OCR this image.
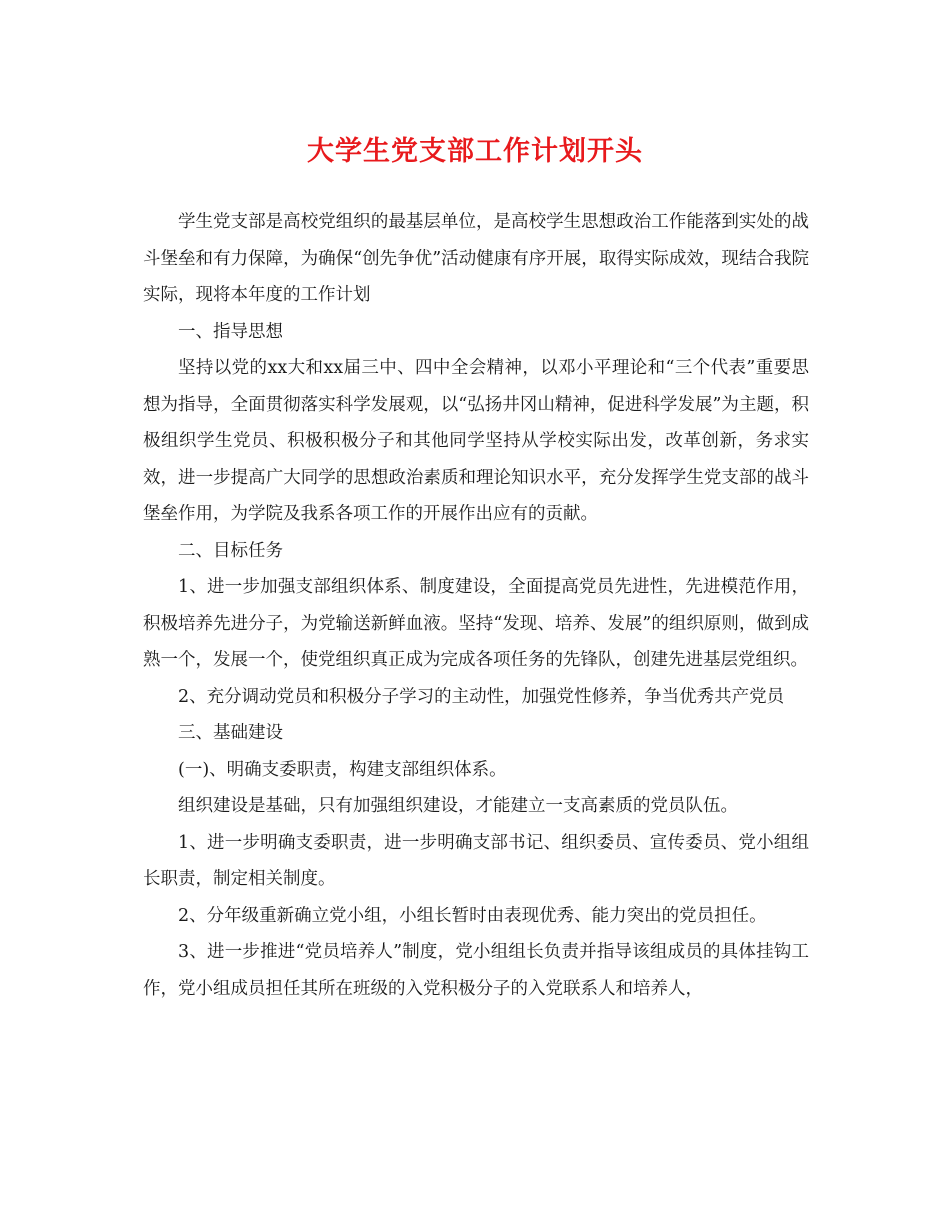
大学生党支部工作计划开头

学生党支部是高校党组织的最基层单位，是高校学生思想政治工作能落到实处的战斗堡垒和有力保障，为确保“创先争优”活动健康有序开展，取得实际成效，现结合我院实际，现将本年度的工作计划

一、指导思想

坚持以党的xx大和xx届三中、四中全会精神，以邓小平理论和“三个代表”重要思想为指导，全面贯彻落实科学发展观，以“弘扬井冈山精神，促进科学发展”为主题，积极组织学生党员、积极积极分子和其他同学坚持从学校实际出发，改革创新，务求实效，进一步提高广大同学的思想政治素质和理论知识水平，充分发挥学生党支部的战斗堡垒作用，为学院及我系各项工作的开展作出应有的贡献。

二、目标任务

1、进一步加强支部组织体系、制度建设，全面提高党员先进性，先进模范作用，积极培养先进分子，为党输送新鲜血液。坚持“发现、培养、发展”的组织原则，做到成熟一个，发展一个，使党组织真正成为完成各项任务的先锋队，创建先进基层党组织。

2、充分调动党员和积极分子学习的主动性，加强党性修养，争当优秀共产党员

三、基础建设

(一)、明确支委职责，构建支部组织体系。

组织建设是基础，只有加强组织建设，才能建立一支高素质的党员队伍。

1、进一步明确支委职责，进一步明确支部书记、组织委员、宣传委员、党小组组长职责，制定相关制度。

2、分年级重新确立党小组，小组长暂时由表现优秀、能力突出的党员担任。

3、进一步推进“党员培养人”制度，党小组组长负责并指导该组成员的具体挂钩工作，党小组成员担任其所在班级的入党积极分子的入党联系人和培养人，
